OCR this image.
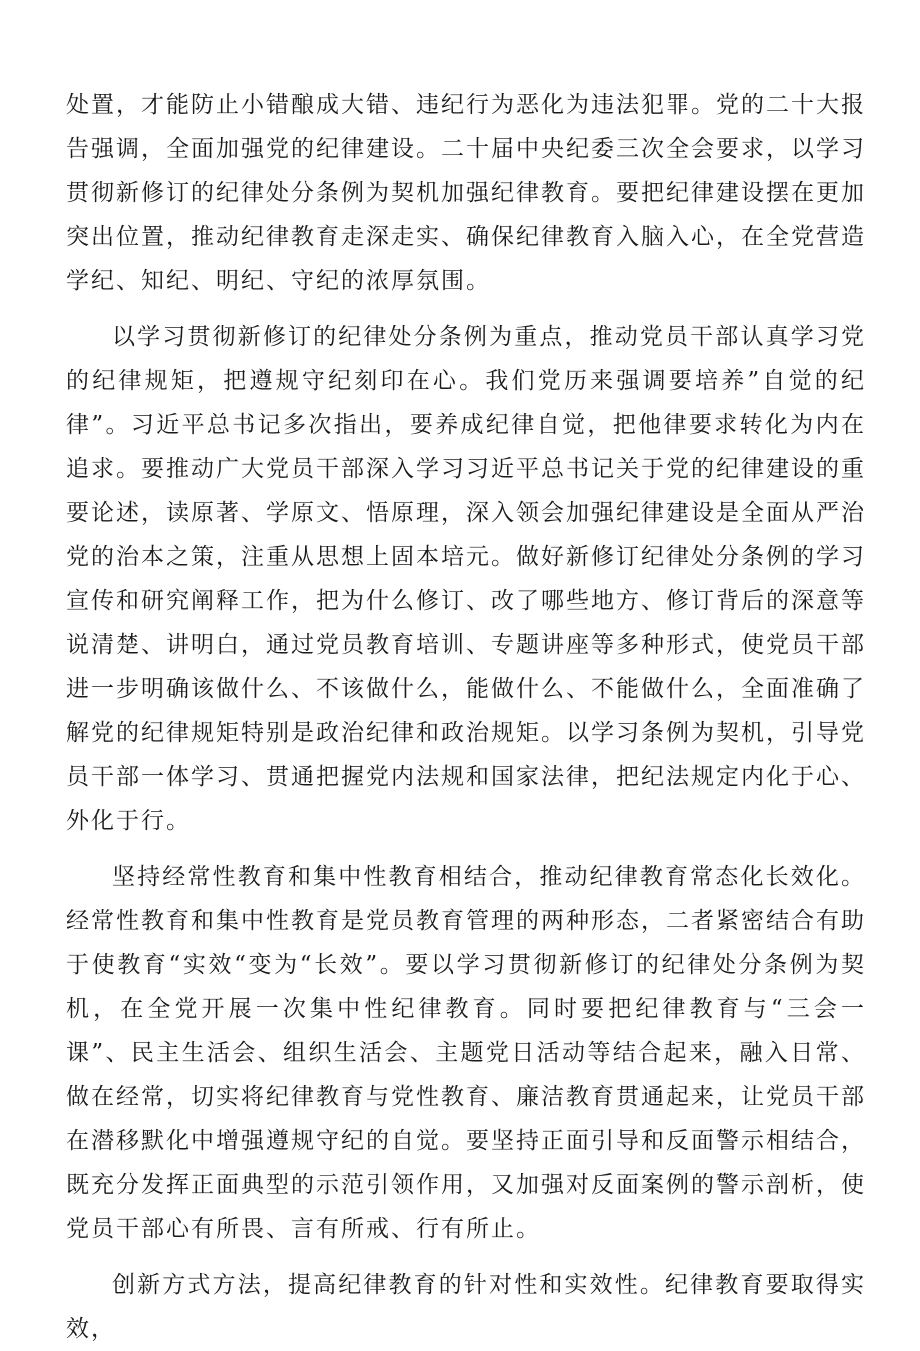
处置，才能防止小错酿成大错、违纪行为恶化为违法犯罪。党的二十大报告强调，全面加强党的纪律建设。二十届中央纪委三次全会要求，以学习贯彻新修订的纪律处分条例为契机加强纪律教育。要把纪律建设摆在更加突出位置，推动纪律教育走深走实、确保纪律教育入脑入心，在全党营造学纪、知纪、明纪、守纪的浓厚氛围。

以学习贯彻新修订的纪律处分条例为重点，推动党员干部认真学习党的纪律规矩，把遵规守纪刻印在心。我们党历来强调要培养”自觉的纪律”。习近平总书记多次指出，要养成纪律自觉，把他律要求转化为内在追求。要推动广大党员干部深入学习习近平总书记关于党的纪律建设的重要论述，读原著、学原文、悟原理，深入领会加强纪律建设是全面从严治党的治本之策，注重从思想上固本培元。做好新修订纪律处分条例的学习宣传和研究阐释工作，把为什么修订、改了哪些地方、修订背后的深意等说清楚、讲明白，通过党员教育培训、专题讲座等多种形式，使党员干部进一步明确该做什么、不该做什么，能做什么、不能做什么，全面准确了解党的纪律规矩特别是政治纪律和政治规矩。以学习条例为契机，引导党员干部一体学习、贯通把握党内法规和国家法律，把纪法规定内化于心、外化于行。

坚持经常性教育和集中性教育相结合，推动纪律教育常态化长效化。经常性教育和集中性教育是党员教育管理的两种形态，二者紧密结合有助于使教育“实效“变为“长效”。要以学习贯彻新修订的纪律处分条例为契机，在全党开展一次集中性纪律教育。同时要把纪律教育与“三会一课”、民主生活会、组织生活会、主题党日活动等结合起来，融入日常、做在经常，切实将纪律教育与党性教育、廉洁教育贯通起来，让党员干部在潜移默化中增强遵规守纪的自觉。要坚持正面引导和反面警示相结合，既充分发挥正面典型的示范引领作用，又加强对反面案例的警示剖析，使党员干部心有所畏、言有所戒、行有所止。

创新方式方法，提高纪律教育的针对性和实效性。纪律教育要取得实效，
